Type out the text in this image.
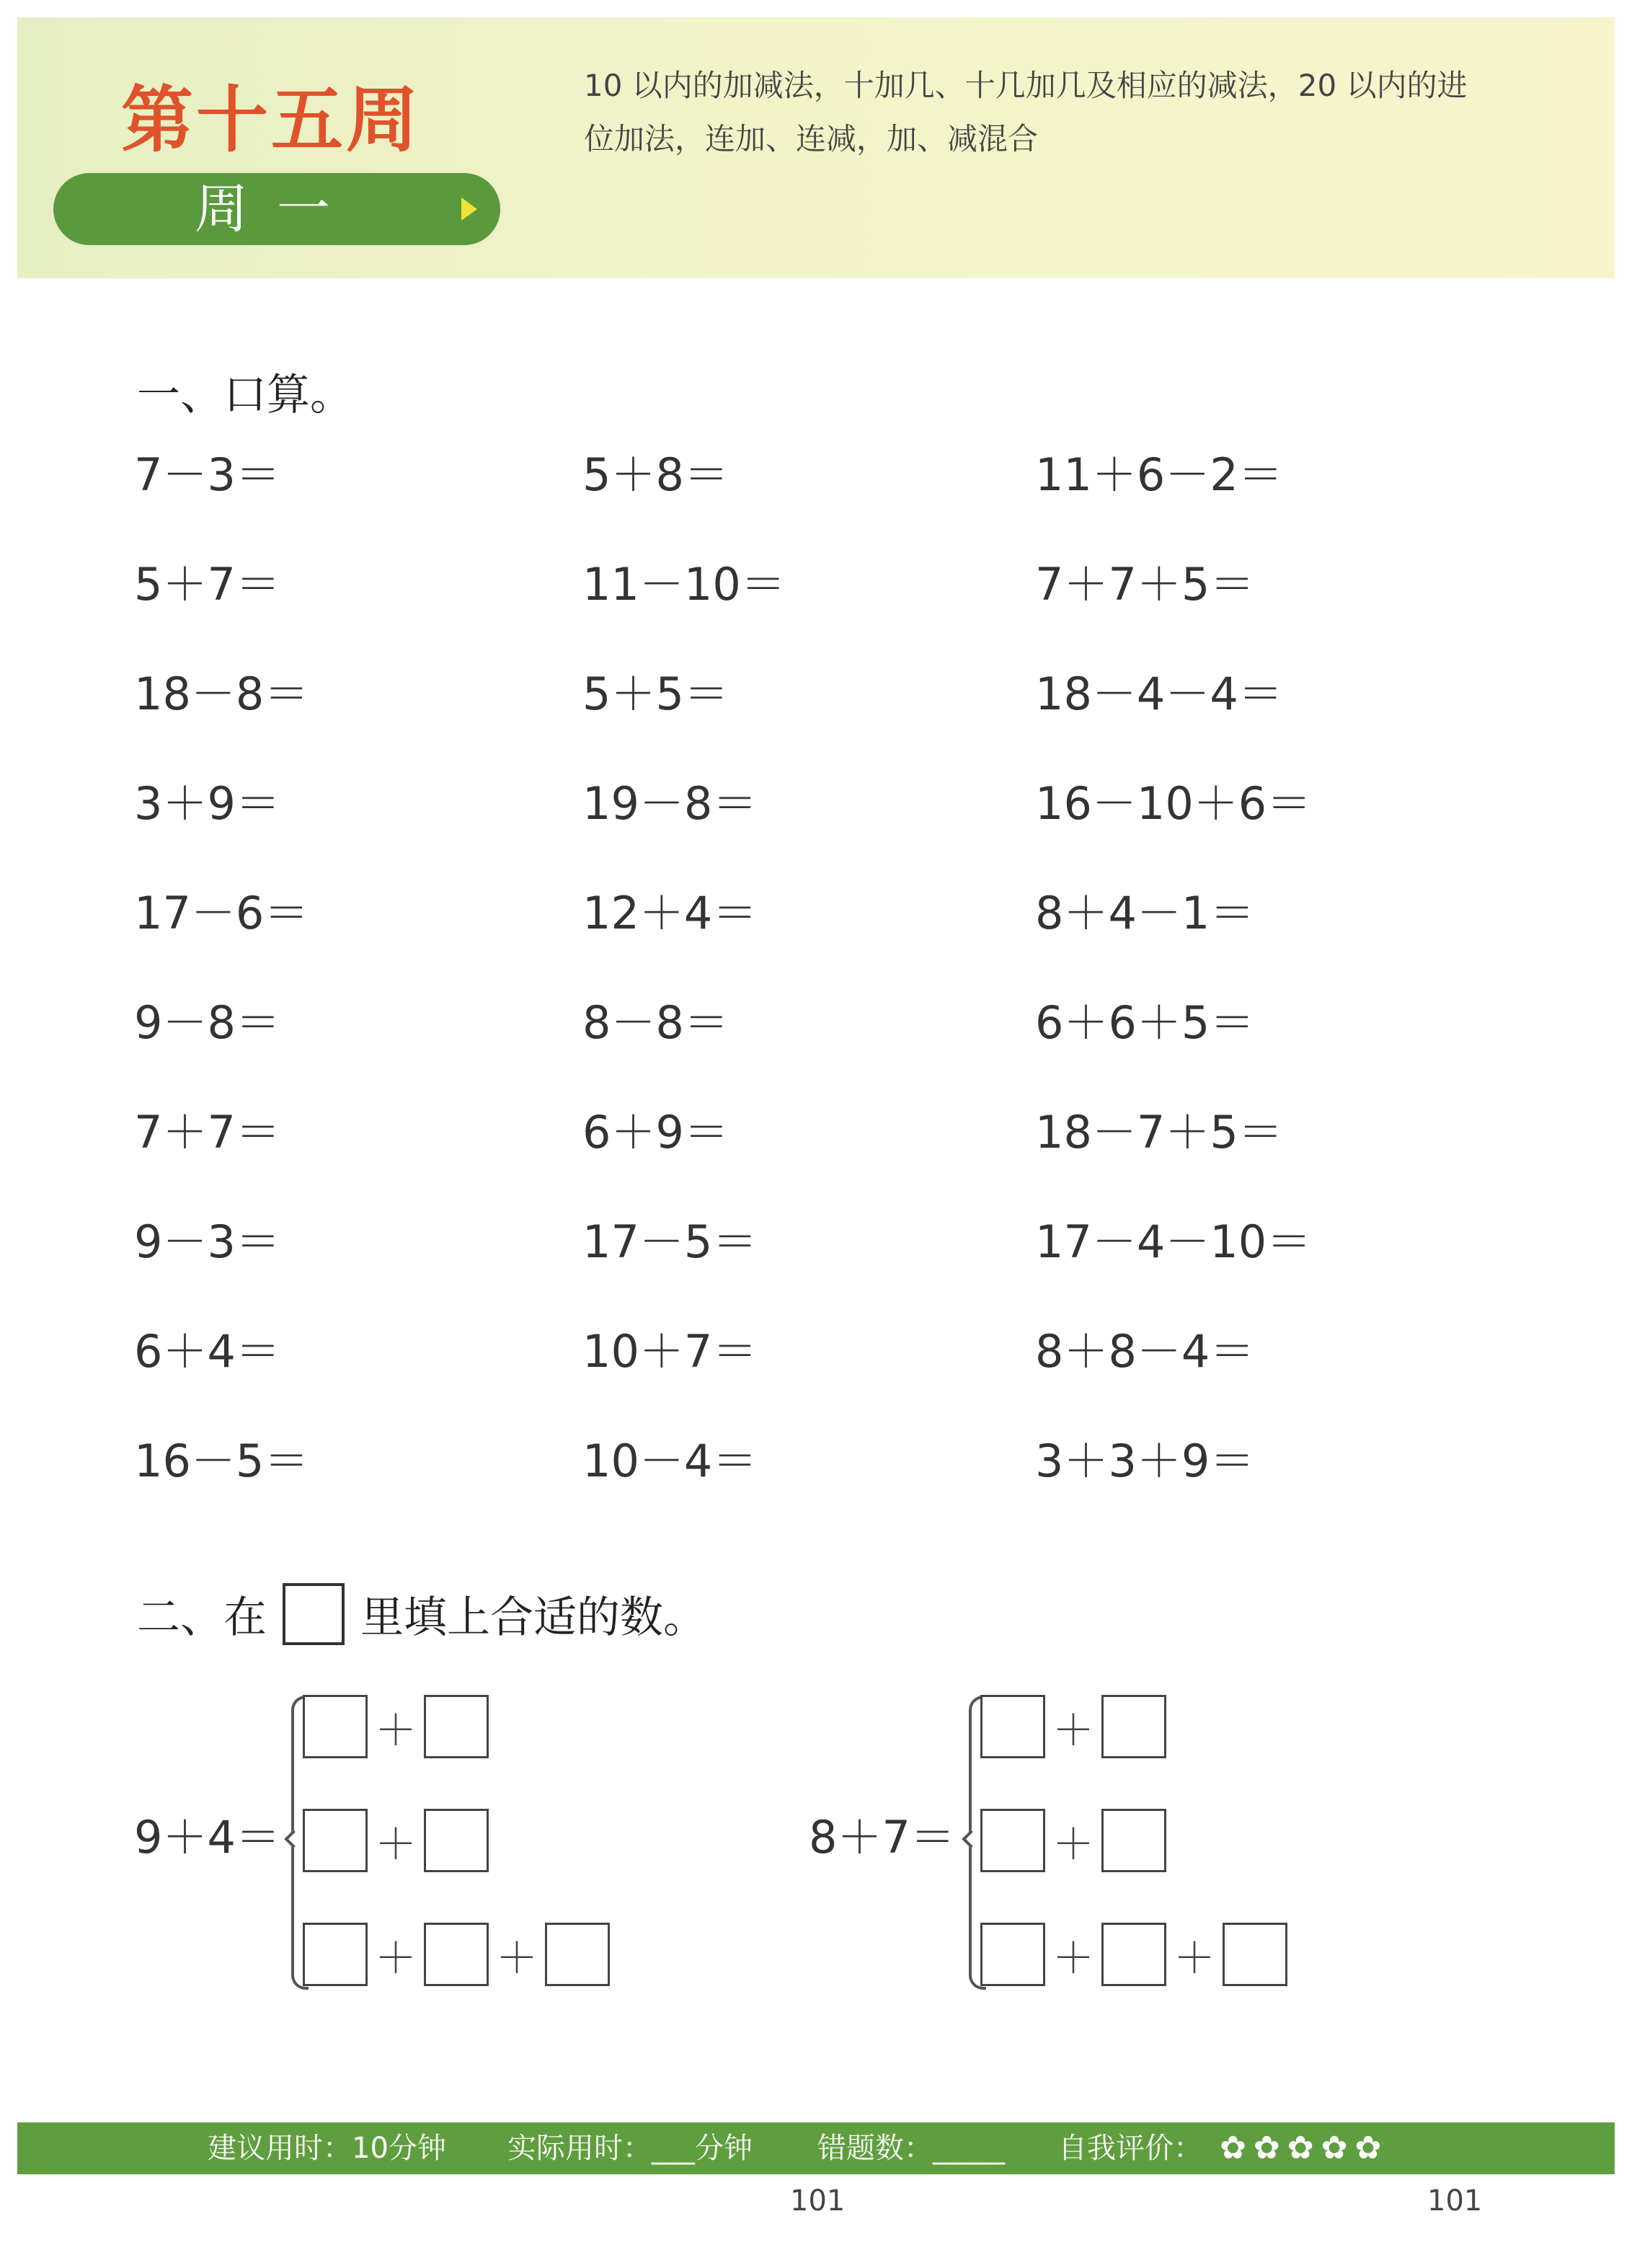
第十五周
周一
10 以内的加减法，十加几、十几加几及相应的减法，20 以内的进
位加法，连加、连减，加、减混合
一、口算。
7－3＝
5＋7＝
18－8＝
3＋9＝
17－6＝
9－8＝
7＋7＝
9－3＝
6＋4＝
16－5＝
5＋8＝
11－10＝
5＋5＝
19－8＝
12＋4＝
8－8＝
6＋9＝
17－5＝
10＋7＝
10－4＝
11＋6－2＝
7＋7＋5＝
18－4－4＝
16－10＋6＝
8＋4－1＝
6＋6＋5＝
18－7＋5＝
17－4－10＝
8＋8－4＝
3＋3＋9＝
二、在 里填上合适的数。
9＋4＝
＋
＋
＋ ＋
8＋7＝
＋
＋
＋ ＋
建议用时：10分钟 实际用时：___分钟 错题数：_____ 自我评价： ✿ ✿ ✿ ✿ ✿
101	101
